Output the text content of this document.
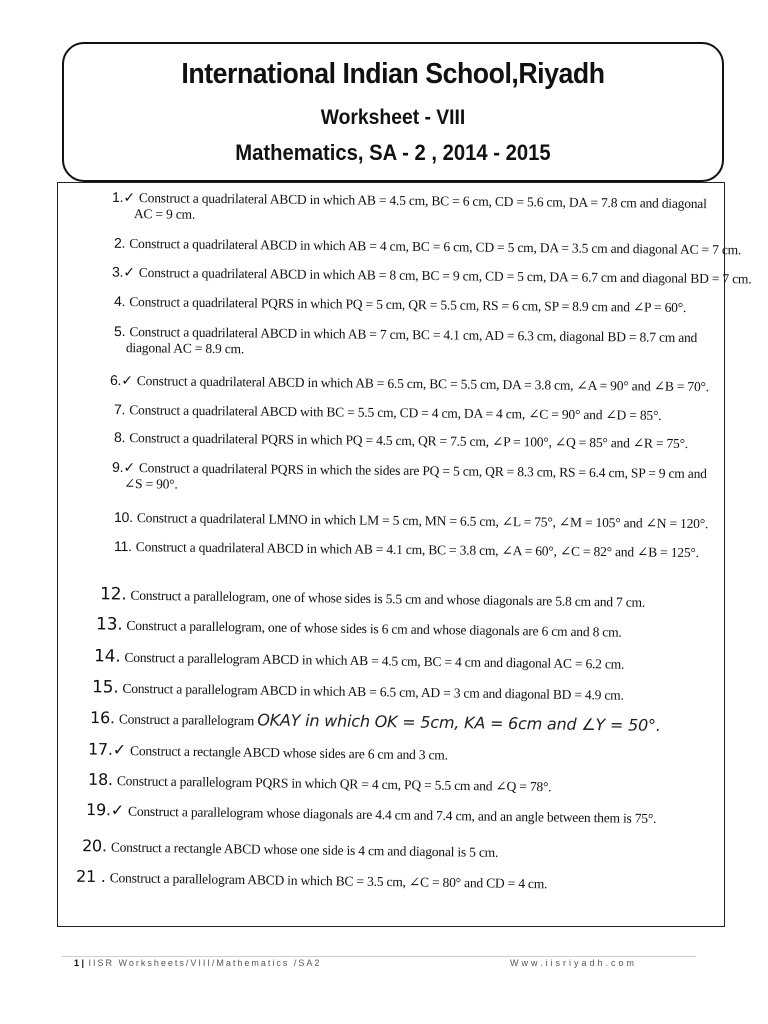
International Indian School,Riyadh
Worksheet - VIII
Mathematics, SA - 2 , 2014 - 2015
1.✓ Construct a quadrilateral ABCD in which AB = 4.5 cm, BC = 6 cm, CD = 5.6 cm, DA = 7.8 cm and diagonal
AC = 9 cm.
2. Construct a quadrilateral ABCD in which AB = 4 cm, BC = 6 cm, CD = 5 cm, DA = 3.5 cm and diagonal AC = 7 cm.
3.✓ Construct a quadrilateral ABCD in which AB = 8 cm, BC = 9 cm, CD = 5 cm, DA = 6.7 cm and diagonal BD = 7 cm.
4. Construct a quadrilateral PQRS in which PQ = 5 cm, QR = 5.5 cm, RS = 6 cm, SP = 8.9 cm and ∠P = 60°.
5. Construct a quadrilateral ABCD in which AB = 7 cm, BC = 4.1 cm, AD = 6.3 cm, diagonal BD = 8.7 cm and
diagonal AC = 8.9 cm.
6.✓ Construct a quadrilateral ABCD in which AB = 6.5 cm, BC = 5.5 cm, DA = 3.8 cm, ∠A = 90° and ∠B = 70°.
7. Construct a quadrilateral ABCD with BC = 5.5 cm, CD = 4 cm, DA = 4 cm, ∠C = 90° and ∠D = 85°.
8. Construct a quadrilateral PQRS in which PQ = 4.5 cm, QR = 7.5 cm, ∠P = 100°, ∠Q = 85° and ∠R = 75°.
9.✓ Construct a quadrilateral PQRS in which the sides are PQ = 5 cm, QR = 8.3 cm, RS = 6.4 cm, SP = 9 cm and
∠S = 90°.
10. Construct a quadrilateral LMNO in which LM = 5 cm, MN = 6.5 cm, ∠L = 75°, ∠M = 105° and ∠N = 120°.
11. Construct a quadrilateral ABCD in which AB = 4.1 cm, BC = 3.8 cm, ∠A = 60°, ∠C = 82° and ∠B = 125°.
12. Construct a parallelogram, one of whose sides is 5.5 cm and whose diagonals are 5.8 cm and 7 cm.
13. Construct a parallelogram, one of whose sides is 6 cm and whose diagonals are 6 cm and 8 cm.
14. Construct a parallelogram ABCD in which AB = 4.5 cm, BC = 4 cm and diagonal AC = 6.2 cm.
15. Construct a parallelogram ABCD in which AB = 6.5 cm, AD = 3 cm and diagonal BD = 4.9 cm.
16. Construct a parallelogram OKAY in which OK = 5cm, KA = 6cm and ∠Y = 50°.
17.✓ Construct a rectangle ABCD whose sides are 6 cm and 3 cm.
18. Construct a parallelogram PQRS in which QR = 4 cm, PQ = 5.5 cm and ∠Q = 78°.
19.✓ Construct a parallelogram whose diagonals are 4.4 cm and 7.4 cm, and an angle between them is 75°.
20. Construct a rectangle ABCD whose one side is 4 cm and diagonal is 5 cm.
21 . Construct a parallelogram ABCD in which BC = 3.5 cm, ∠C = 80° and CD = 4 cm.
1 | IISR Worksheets/VIII/Mathematics /SA2	Www.iisriyadh.com
